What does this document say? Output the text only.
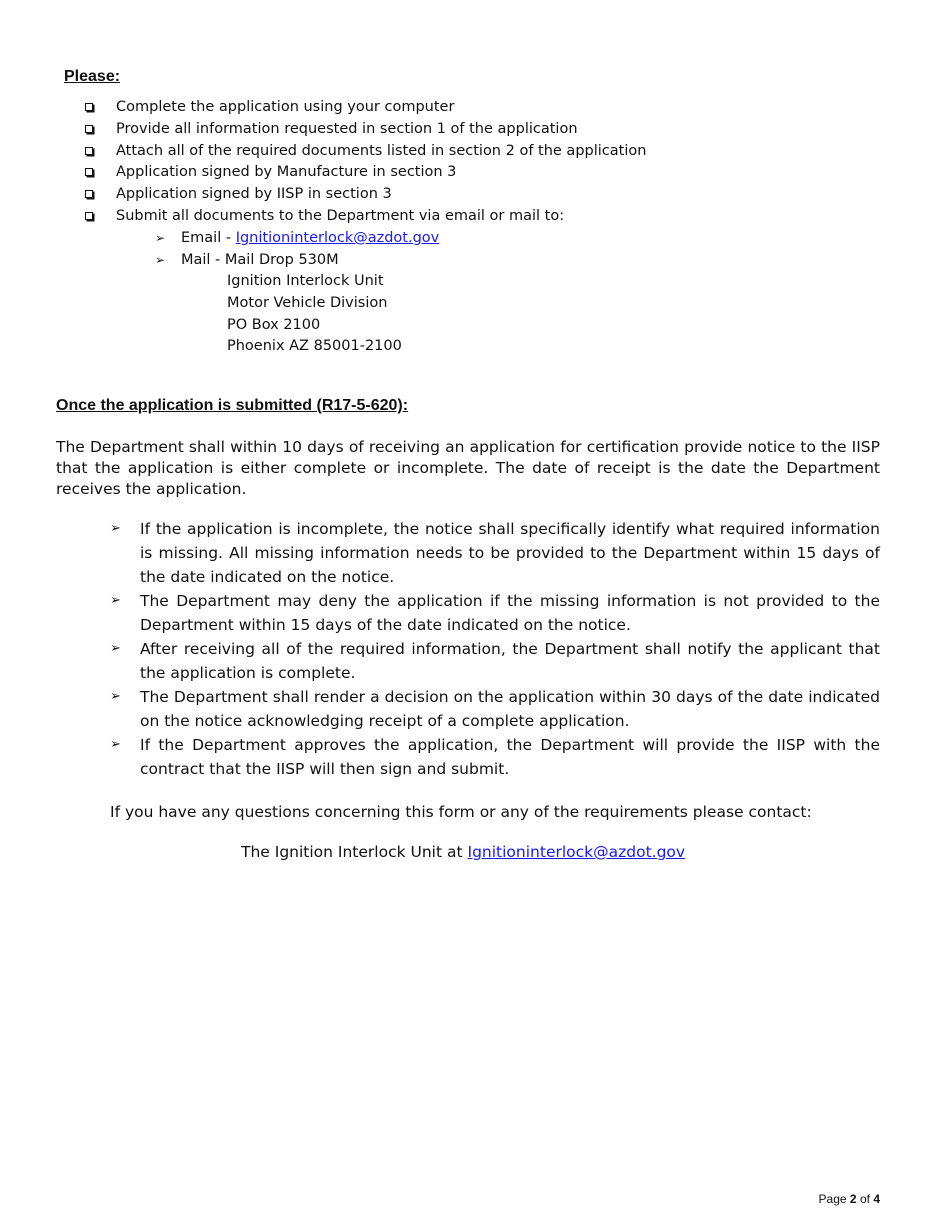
Please:
Complete the application using your computer
Provide all information requested in section 1 of the application
Attach all of the required documents listed in section 2 of the application
Application signed by Manufacture in section 3
Application signed by IISP in section 3
Submit all documents to the Department via email or mail to:
➢ Email - Ignitioninterlock@azdot.gov
➢ Mail - Mail Drop 530M
Ignition Interlock Unit
Motor Vehicle Division
PO Box 2100
Phoenix AZ 85001-2100
Once the application is submitted (R17-5-620):

The Department shall within 10 days of receiving an application for certification provide notice to the IISP that the application is either complete or incomplete. The date of receipt is the date the Department receives the application.

➢ If the application is incomplete, the notice shall specifically identify what required information is missing. All missing information needs to be provided to the Department within 15 days of the date indicated on the notice.

➢ The Department may deny the application if the missing information is not provided to the Department within 15 days of the date indicated on the notice.

➢ After receiving all of the required information, the Department shall notify the applicant that the application is complete.

➢ The Department shall render a decision on the application within 30 days of the date indicated on the notice acknowledging receipt of a complete application.

➢ If the Department approves the application, the Department will provide the IISP with the contract that the IISP will then sign and submit.

If you have any questions concerning this form or any of the requirements please contact:
The Ignition Interlock Unit at Ignitioninterlock@azdot.gov
Page 2 of 4
